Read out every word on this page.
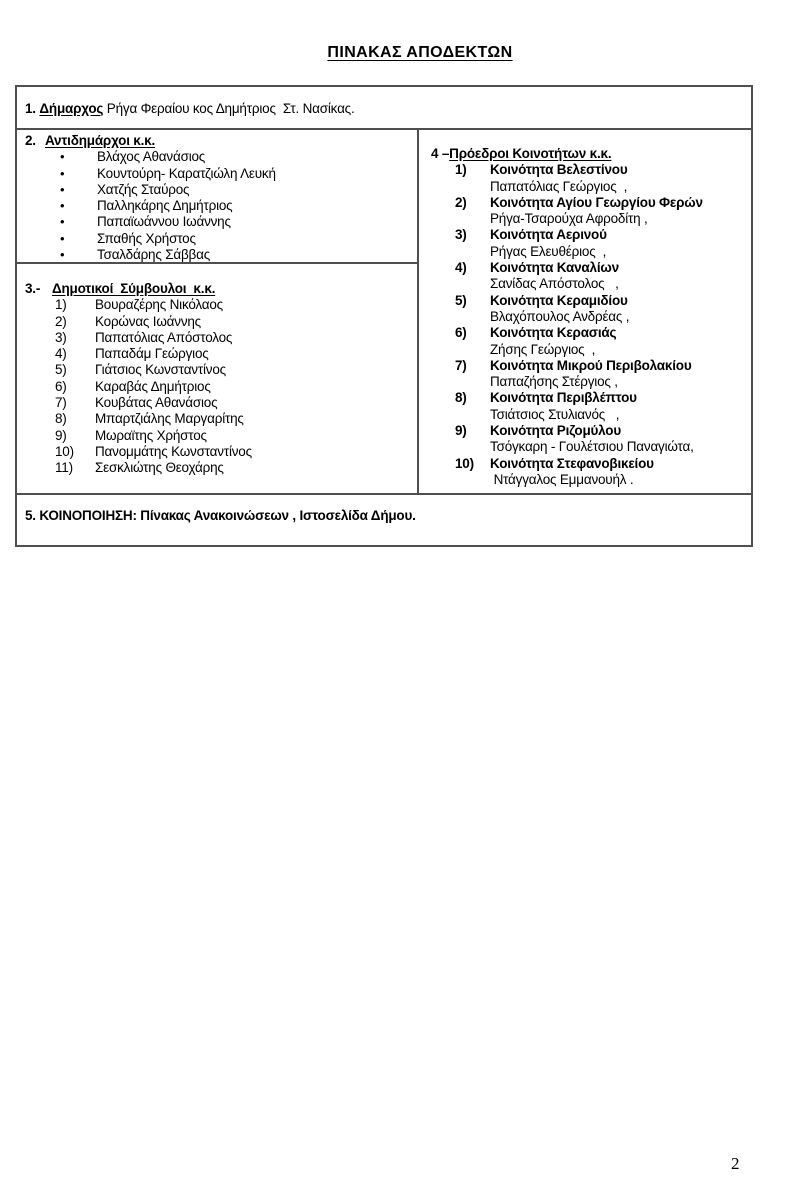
ΠΙΝΑΚΑΣ ΑΠΟΔΕΚΤΩΝ
1. Δήμαρχος Ρήγα Φεραίου κος Δημήτριος  Στ. Νασίκας.
2. Αντιδημάρχοι κ.κ.
•	Βλάχος Αθανάσιος
•	Κουντούρη- Καρατζιώλη Λευκή
•	Χατζής Σταύρος
•	Παλληκάρης Δημήτριος
•	Παπαϊωάννου Ιωάννης
•	Σπαθής Χρήστος
•	Τσαλδάρης Σάββας
3.- Δημοτικοί  Σύμβουλοι  κ.κ.
1)	Βουραζέρης Νικόλαος
2)	Κορώνας Ιωάννης
3)	Παπατόλιας Απόστολος
4)	Παπαδάμ Γεώργιος
5)	Γιάτσιος Κωνσταντίνος
6)	Καραβάς Δημήτριος
7)	Κουβάτας Αθανάσιος
8)	Μπαρτζιάλης Μαργαρίτης
9)	Μωραϊτης Χρήστος
10)	Πανομμάτης Κωνσταντίνος
11)	Σεσκλιώτης Θεοχάρης
4 – Πρόεδροι Κοινοτήτων κ.κ.
1)	Κοινότητα Βελεστίνου
Παπατόλιας Γεώργιος  ,
2)	Κοινότητα Αγίου Γεωργίου Φερών
Ρήγα-Τσαρούχα Αφροδίτη ,
3)	Κοινότητα Αερινού
Ρήγας Ελευθέριος  ,
4)	Κοινότητα Καναλίων
Σανίδας Απόστολος   ,
5)	Κοινότητα Κεραμιδίου
Βλαχόπουλος Ανδρέας ,
6)	Κοινότητα Κερασιάς
Ζήσης Γεώργιος  ,
7)	Κοινότητα Μικρού Περιβολακίου
Παπαζήσης Στέργιος ,
8)	Κοινότητα Περιβλέπτου
Τσιάτσιος Στυλιανός   ,
9)	Κοινότητα Ριζομύλου
Τσόγκαρη - Γουλέτσιου Παναγιώτα,
10)	Κοινότητα Στεφανοβικείου
Ντάγγαλος Εμμανουήλ .
5. ΚΟΙΝΟΠΟΙΗΣΗ: Πίνακας Ανακοινώσεων , Ιστοσελίδα Δήμου.
2
